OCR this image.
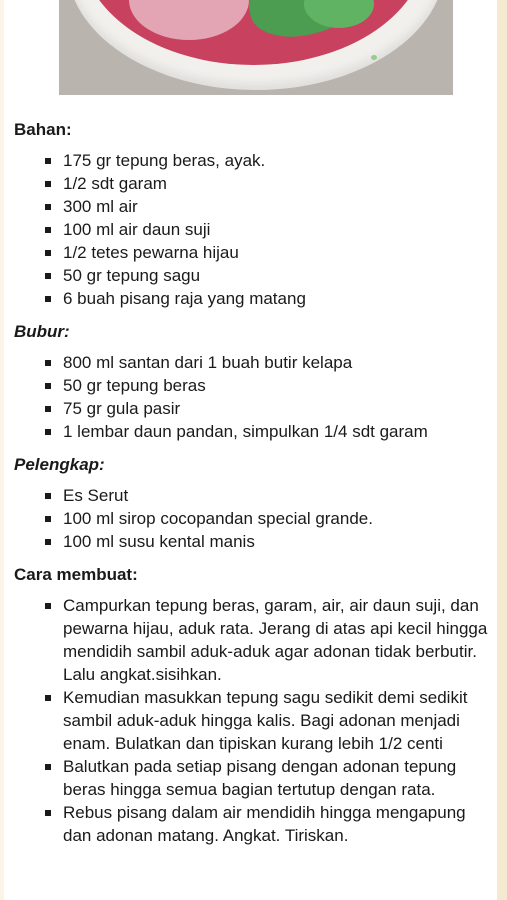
Bahan:
175 gr tepung beras, ayak.
1/2 sdt garam
300 ml air
100 ml air daun suji
1/2 tetes pewarna hijau
50 gr tepung sagu
6 buah pisang raja yang matang
Bubur:
800 ml santan dari 1 buah butir kelapa
50 gr tepung beras
75 gr gula pasir
1 lembar daun pandan, simpulkan 1/4 sdt garam
Pelengkap:
Es Serut
100 ml sirop cocopandan special grande.
100 ml susu kental manis
Cara membuat:
Campurkan tepung beras, garam, air, air daun suji, dan pewarna hijau, aduk rata. Jerang di atas api kecil hingga mendidih sambil aduk-aduk agar adonan tidak berbutir. Lalu angkat.sisihkan.
Kemudian masukkan tepung sagu sedikit demi sedikit sambil aduk-aduk hingga kalis. Bagi adonan menjadi enam. Bulatkan dan tipiskan kurang lebih 1/2 centi
Balutkan pada setiap pisang dengan adonan tepung beras hingga semua bagian tertutup dengan rata.
Rebus pisang dalam air mendidih hingga mengapung dan adonan matang. Angkat. Tiriskan.
